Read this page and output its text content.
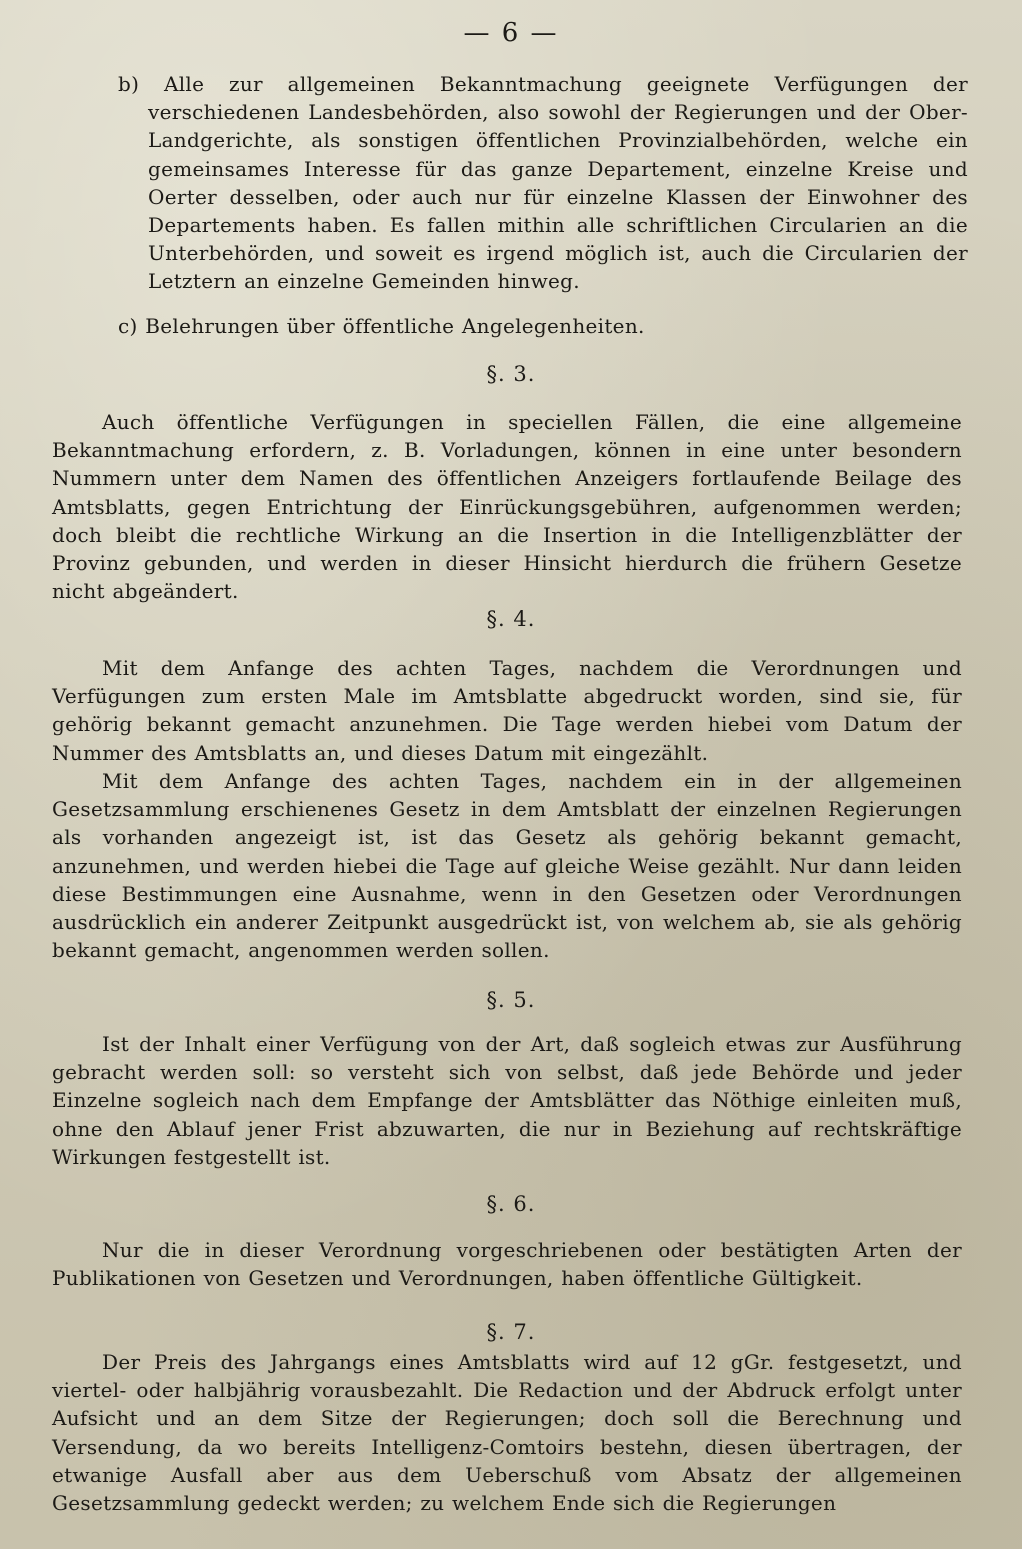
— 6 —

b) Alle zur allgemeinen Bekanntmachung geeignete Verfügungen der verschiedenen Landesbehörden, also sowohl der Regierungen und der Ober-Landgerichte, als sonstigen öffentlichen Provinzialbehörden, welche ein gemeinsames Interesse für das ganze Departement, einzelne Kreise und Oerter desselben, oder auch nur für einzelne Klassen der Einwohner des Departements haben. Es fallen mithin alle schriftlichen Circularien an die Unterbehörden, und soweit es irgend möglich ist, auch die Circularien der Letztern an einzelne Gemeinden hinweg.

c) Belehrungen über öffentliche Angelegenheiten.

§. 3.

Auch öffentliche Verfügungen in speciellen Fällen, die eine allgemeine Bekanntmachung erfordern, z. B. Vorladungen, können in eine unter besondern Nummern unter dem Namen des öffentlichen Anzeigers fortlaufende Beilage des Amtsblatts, gegen Entrichtung der Einrückungsgebühren, aufgenommen werden; doch bleibt die rechtliche Wirkung an die Insertion in die Intelligenzblätter der Provinz gebunden, und werden in dieser Hinsicht hierdurch die frühern Gesetze nicht abgeändert.

§. 4.

Mit dem Anfange des achten Tages, nachdem die Verordnungen und Verfügungen zum ersten Male im Amtsblatte abgedruckt worden, sind sie, für gehörig bekannt gemacht anzunehmen. Die Tage werden hiebei vom Datum der Nummer des Amtsblatts an, und dieses Datum mit eingezählt.

Mit dem Anfange des achten Tages, nachdem ein in der allgemeinen Gesetzsammlung erschienenes Gesetz in dem Amtsblatt der einzelnen Regierungen als vorhanden angezeigt ist, ist das Gesetz als gehörig bekannt gemacht, anzunehmen, und werden hiebei die Tage auf gleiche Weise gezählt. Nur dann leiden diese Bestimmungen eine Ausnahme, wenn in den Gesetzen oder Verordnungen ausdrücklich ein anderer Zeitpunkt ausgedrückt ist, von welchem ab, sie als gehörig bekannt gemacht, angenommen werden sollen.

§. 5.

Ist der Inhalt einer Verfügung von der Art, daß sogleich etwas zur Ausführung gebracht werden soll: so versteht sich von selbst, daß jede Behörde und jeder Einzelne sogleich nach dem Empfange der Amtsblätter das Nöthige einleiten muß, ohne den Ablauf jener Frist abzuwarten, die nur in Beziehung auf rechtskräftige Wirkungen festgestellt ist.

§. 6.

Nur die in dieser Verordnung vorgeschriebenen oder bestätigten Arten der Publikationen von Gesetzen und Verordnungen, haben öffentliche Gültigkeit.

§. 7.

Der Preis des Jahrgangs eines Amtsblatts wird auf 12 gGr. festgesetzt, und viertel- oder halbjährig vorausbezahlt. Die Redaction und der Abdruck erfolgt unter Aufsicht und an dem Sitze der Regierungen; doch soll die Berechnung und Versendung, da wo bereits Intelligenz-Comtoirs bestehn, diesen übertragen, der etwanige Ausfall aber aus dem Ueberschuß vom Absatz der allgemeinen Gesetzsammlung gedeckt werden; zu welchem Ende sich die Regierungen
